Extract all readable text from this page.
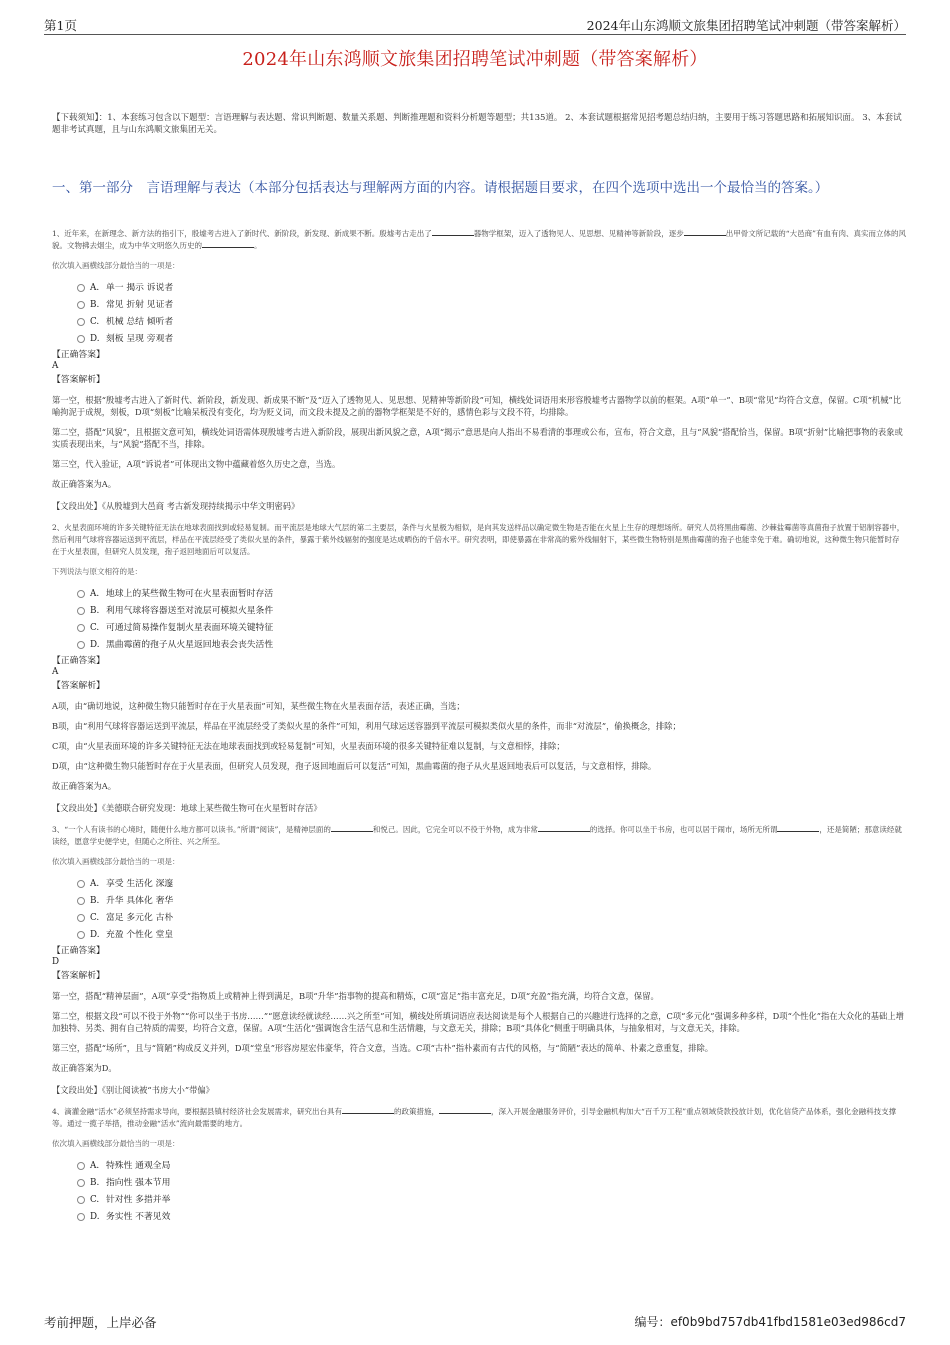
第1页	2024年山东鸿顺文旅集团招聘笔试冲刺题（带答案解析）
2024年山东鸿顺文旅集团招聘笔试冲刺题（带答案解析）
【下载须知】：1、本套练习包含以下题型：言语理解与表达题、常识判断题、数量关系题、判断推理题和资料分析题等题型；共135道。 2、本套试题根据常见招考题总结归纳，主要用于练习答题思路和拓展知识面。 3、本套试题非考试真题，且与山东鸿顺文旅集团无关。
一、第一部分　言语理解与表达（本部分包括表达与理解两方面的内容。请根据题目要求，在四个选项中选出一个最恰当的答案。）
1、近年来，在新理念、新方法的指引下，殷墟考古进入了新时代、新阶段，新发现、新成果不断。殷墟考古走出了	器物学框架，迈入了透物见人、见思想、见精神等新阶段，逐步	出甲骨文所记载的“大邑商”有血有肉、真实而立体的风貌。文物拂去烟尘，成为中华文明悠久历史的	。
依次填入画横线部分最恰当的一项是：
A. 单一 揭示 诉说者
B. 常见 折射 见证者
C. 机械 总结 倾听者
D. 刻板 呈现 旁观者
【正确答案】
A
【答案解析】
第一空，根据“殷墟考古进入了新时代、新阶段，新发现、新成果不断”及“迈入了透物见人、见思想、见精神等新阶段”可知，横线处词语用来形容殷墟考古器物学以前的框架。A项“单一”、B项“常见”均符合文意，保留。C项“机械”比喻拘泥于成规，刻板，D项“刻板”比喻呆板没有变化，均为贬义词，而文段未提及之前的器物学框架是不好的，感情色彩与文段不符，均排除。
第二空，搭配“风貌”，且根据文意可知，横线处词语需体现殷墟考古进入新阶段，展现出新风貌之意，A项“揭示”意思是向人指出不易看清的事理或公布，宣布，符合文意，且与“风貌”搭配恰当，保留。B项“折射”比喻把事物的表象或实质表现出来，与“风貌”搭配不当，排除。
第三空，代入验证，A项“诉说者”可体现出文物中蕴藏着悠久历史之意，当选。
故正确答案为A。
【文段出处】《从殷墟到大邑商 考古新发现持续揭示中华文明密码》
2、火星表面环境的许多关键特征无法在地球表面找到或轻易复制。而平流层是地球大气层的第二主要层，条件与火星极为相似，是向其发送样品以确定微生物是否能在火星上生存的理想场所。研究人员将黑曲霉菌、沙棘盐霉菌等真菌孢子放置于铝制容器中，然后利用气球将容器运送到平流层，样品在平流层经受了类似火星的条件，暴露于紫外线辐射的强度是达成晒伤的千倍水平。研究表明，即使暴露在非常高的紫外线辐射下，某些微生物特别是黑曲霉菌的孢子也能幸免于难。确切地说，这种微生物只能暂时存在于火星表面，但研究人员发现，孢子返回地面后可以复活。
下列说法与原文相符的是：
A. 地球上的某些微生物可在火星表面暂时存活
B. 利用气球将容器送至对流层可模拟火星条件
C. 可通过简易操作复制火星表面环境关键特征
D. 黑曲霉菌的孢子从火星返回地表会丧失活性
【正确答案】
A
【答案解析】
A项，由“确切地说，这种微生物只能暂时存在于火星表面”可知，某些微生物在火星表面存活，表述正确，当选；
B项，由“利用气球将容器运送到平流层，样品在平流层经受了类似火星的条件”可知，利用气球运送容器到平流层可模拟类似火星的条件，而非“对流层”，偷换概念，排除；
C项，由“火星表面环境的许多关键特征无法在地球表面找到或轻易复制”可知，火星表面环境的很多关键特征难以复制，与文意相悖，排除；
D项，由“这种微生物只能暂时存在于火星表面，但研究人员发现，孢子返回地面后可以复活”可知，黑曲霉菌的孢子从火星返回地表后可以复活，与文意相悖，排除。
故正确答案为A。
【文段出处】《美德联合研究发现：地球上某些微生物可在火星暂时存活》
3、“一个人有读书的心境时，随便什么地方都可以读书。”所谓“阅读”，是精神层面的	和悦己。因此，它完全可以不役于外物，成为非常	的选择。你可以坐于书房，也可以居于闹市，场所无所谓	，还是简陋；那意读经就读经，愿意学史便学史，但随心之所往、兴之所至。
依次填入画横线部分最恰当的一项是：
A. 享受 生活化 深邃
B. 升华 具体化 奢华
C. 富足 多元化 古朴
D. 充盈 个性化 堂皇
【正确答案】
D
【答案解析】
第一空，搭配“精神层面”，A项“享受”指物质上或精神上得到满足，B项“升华”指事物的提高和精炼，C项“富足”指丰富充足，D项“充盈”指充满，均符合文意，保留。
第二空，根据文段“可以不役于外物”“你可以坐于书房……”“愿意读经就读经……兴之所至”可知，横线处所填词语应表达阅读是每个人根据自己的兴趣进行选择的之意，C项“多元化”强调多种多样，D项“个性化”指在大众化的基础上增加独特、另类、拥有自己特质的需要，均符合文意，保留。A项“生活化”强调饱含生活气息和生活情趣，与文意无关，排除；B项“具体化”侧重于明确具体，与抽象相对，与文意无关，排除。
第三空，搭配“场所”，且与“简陋”构成反义并列，D项“堂皇”形容房屋宏伟豪华，符合文意，当选。C项“古朴”指朴素而有古代的风格，与“简陋”表达的简单、朴素之意重复，排除。
故正确答案为D。
【文段出处】《别让阅读被“书房大小”带偏》
4、滴灌金融“活水”必须坚持需求导向，要根据县镇村经济社会发展需求，研究出台具有	的政策措施，	，深入开展金融服务评价，引导金融机构加大“百千万工程”重点领域贷款投放计划，优化信贷产品体系，强化金融科技支撑等。通过一揽子举措，推动金融“活水”流向最需要的地方。
依次填入画横线部分最恰当的一项是：
A. 特殊性 通观全局
B. 指向性 强本节用
C. 针对性 多措并举
D. 务实性 不著见效
考前押题，上岸必备	编号：ef0b9bd757db41fbd1581e03ed986cd7
